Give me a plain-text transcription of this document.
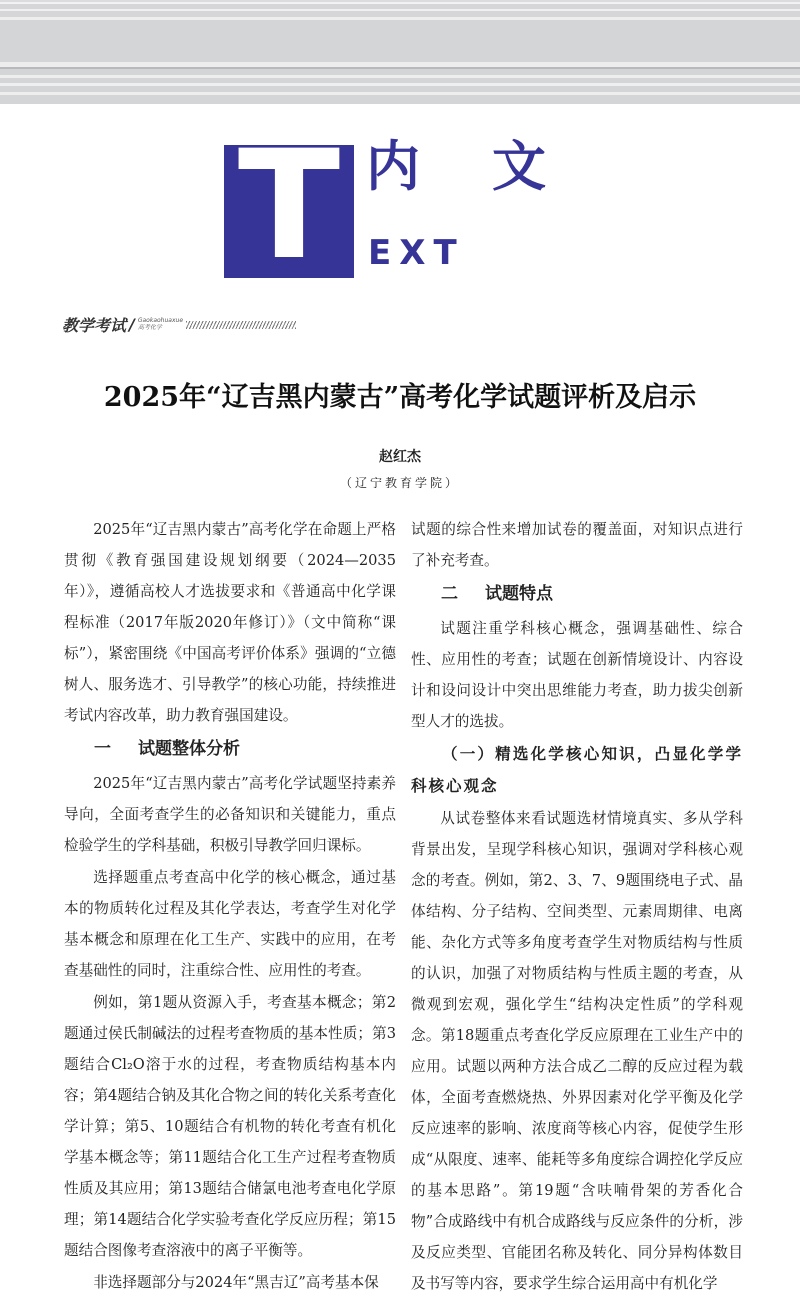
T 内 文
EXT
教学考试 / Gaokaohuaxue
高考化学
2025年“辽吉黑内蒙古”高考化学试题评析及启示
赵红杰
（辽宁教育学院）

2025年“辽吉黑内蒙古”高考化学在命题上严格贯彻《教育强国建设规划纲要（2024—2035年）》，遵循高校人才选拔要求和《普通高中化学课程标准（2017年版2020年修订）》（文中简称“课标”），紧密围绕《中国高考评价体系》强调的“立德树人、服务选才、引导教学”的核心功能，持续推进考试内容改革，助力教育强国建设。

一 试题整体分析

2025年“辽吉黑内蒙古”高考化学试题坚持素养导向，全面考查学生的必备知识和关键能力，重点检验学生的学科基础，积极引导教学回归课标。

选择题重点考查高中化学的核心概念，通过基本的物质转化过程及其化学表达，考查学生对化学基本概念和原理在化工生产、实践中的应用，在考查基础性的同时，注重综合性、应用性的考查。

例如，第1题从资源入手，考查基本概念；第2题通过侯氏制碱法的过程考查物质的基本性质；第3题结合Cl₂O溶于水的过程，考查物质结构基本内容；第4题结合钠及其化合物之间的转化关系考查化学计算；第5、10题结合有机物的转化考查有机化学基本概念等；第11题结合化工生产过程考查物质性质及其应用；第13题结合储氯电池考查电化学原理；第14题结合化学实验考查化学反应历程；第15题结合图像考查溶液中的离子平衡等。

非选择题部分与2024年“黑吉辽”高考基本保

试题的综合性来增加试卷的覆盖面，对知识点进行了补充考查。

二 试题特点

试题注重学科核心概念，强调基础性、综合性、应用性的考查；试题在创新情境设计、内容设计和设问设计中突出思维能力考查，助力拔尖创新型人才的选拔。

（一）精选化学核心知识，凸显化学学科核心观念

从试卷整体来看试题选材情境真实、多从学科背景出发，呈现学科核心知识，强调对学科核心观念的考查。例如，第2、3、7、9题围绕电子式、晶体结构、分子结构、空间类型、元素周期律、电离能、杂化方式等多角度考查学生对物质结构与性质的认识，加强了对物质结构与性质主题的考查，从微观到宏观，强化学生“结构决定性质”的学科观念。第18题重点考查化学反应原理在工业生产中的应用。试题以两种方法合成乙二醇的反应过程为载体，全面考查燃烧热、外界因素对化学平衡及化学反应速率的影响、浓度商等核心内容，促使学生形成“从限度、速率、能耗等多角度综合调控化学反应的基本思路”。第19题“含呋喃骨架的芳香化合物”合成路线中有机合成路线与反应条件的分析，涉及反应类型、官能团名称及转化、同分异构体数目及书写等内容，要求学生综合运用高中有机化学
